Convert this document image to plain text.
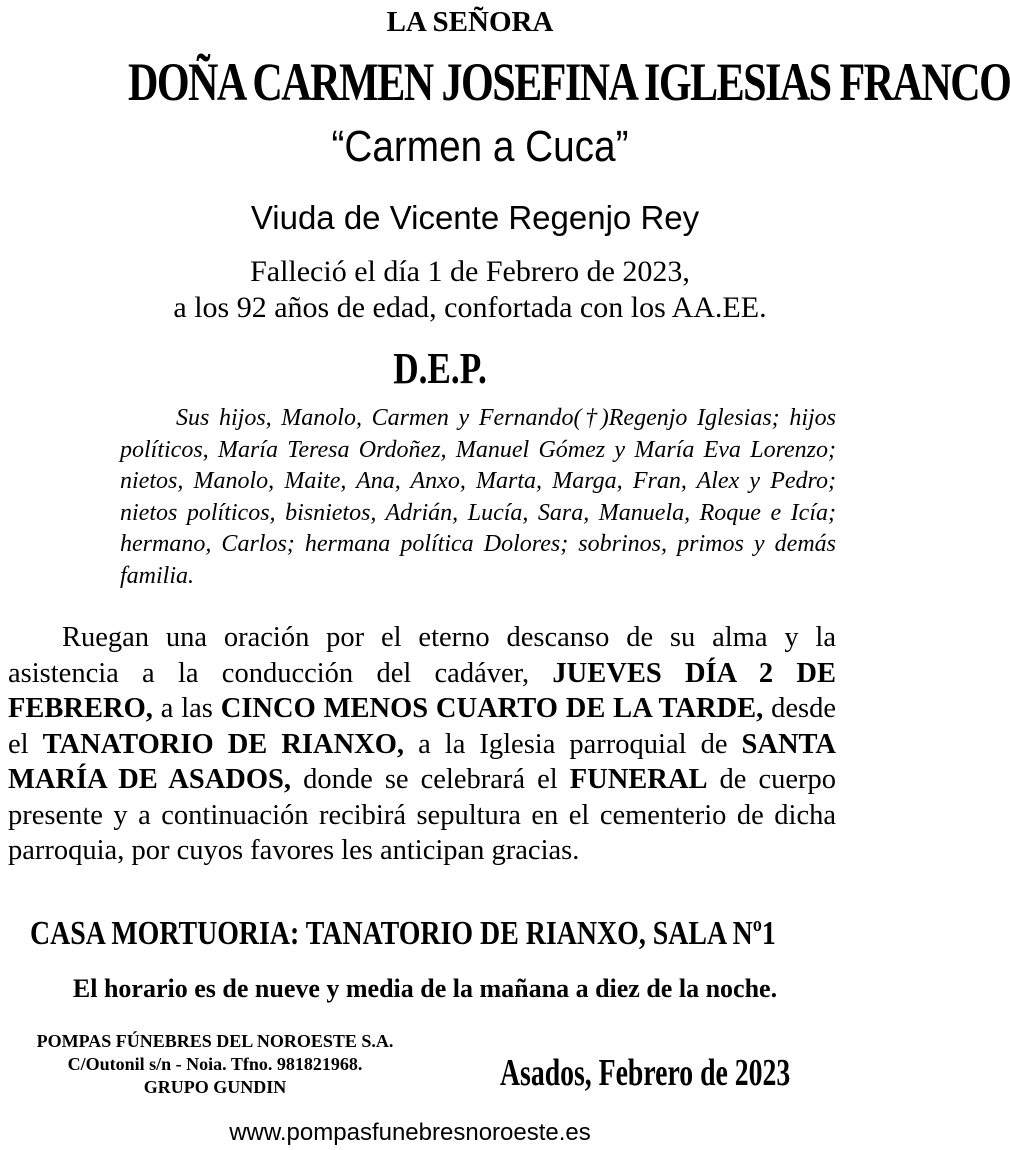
LA SEÑORA

DOÑA CARMEN JOSEFINA IGLESIAS FRANCO

“Carmen a Cuca”

Viuda de Vicente Regenjo Rey

Falleció el día 1 de Febrero de 2023,

a los 92 años de edad, confortada con los AA.EE.

D.E.P.

Sus hijos, Manolo, Carmen y Fernando(†)Regenjo Iglesias; hijos políticos, María Teresa Ordoñez, Manuel Gómez y María Eva Lorenzo; nietos, Manolo, Maite, Ana, Anxo, Marta, Marga, Fran, Alex y Pedro; nietos políticos, bisnietos, Adrián, Lucía, Sara, Manuela, Roque e Icía; hermano, Carlos; hermana política Dolores; sobrinos, primos y demás familia.

Ruegan una oración por el eterno descanso de su alma y la asistencia a la conducción del cadáver, JUEVES DÍA 2 DE FEBRERO, a las CINCO MENOS CUARTO DE LA TARDE, desde el TANATORIO DE RIANXO, a la Iglesia parroquial de SANTA MARÍA DE ASADOS, donde se celebrará el FUNERAL de cuerpo presente y a continuación recibirá sepultura en el cementerio de dicha parroquia, por cuyos favores les anticipan gracias.

CASA MORTUORIA: TANATORIO DE RIANXO, SALA Nº1

El horario es de nueve y media de la mañana a diez de la noche.

POMPAS FÚNEBRES DEL NOROESTE S.A.
C/Outonil s/n - Noia. Tfno. 981821968.
GRUPO GUNDIN	Asados, Febrero de 2023

www.pompasfunebresnoroeste.es
